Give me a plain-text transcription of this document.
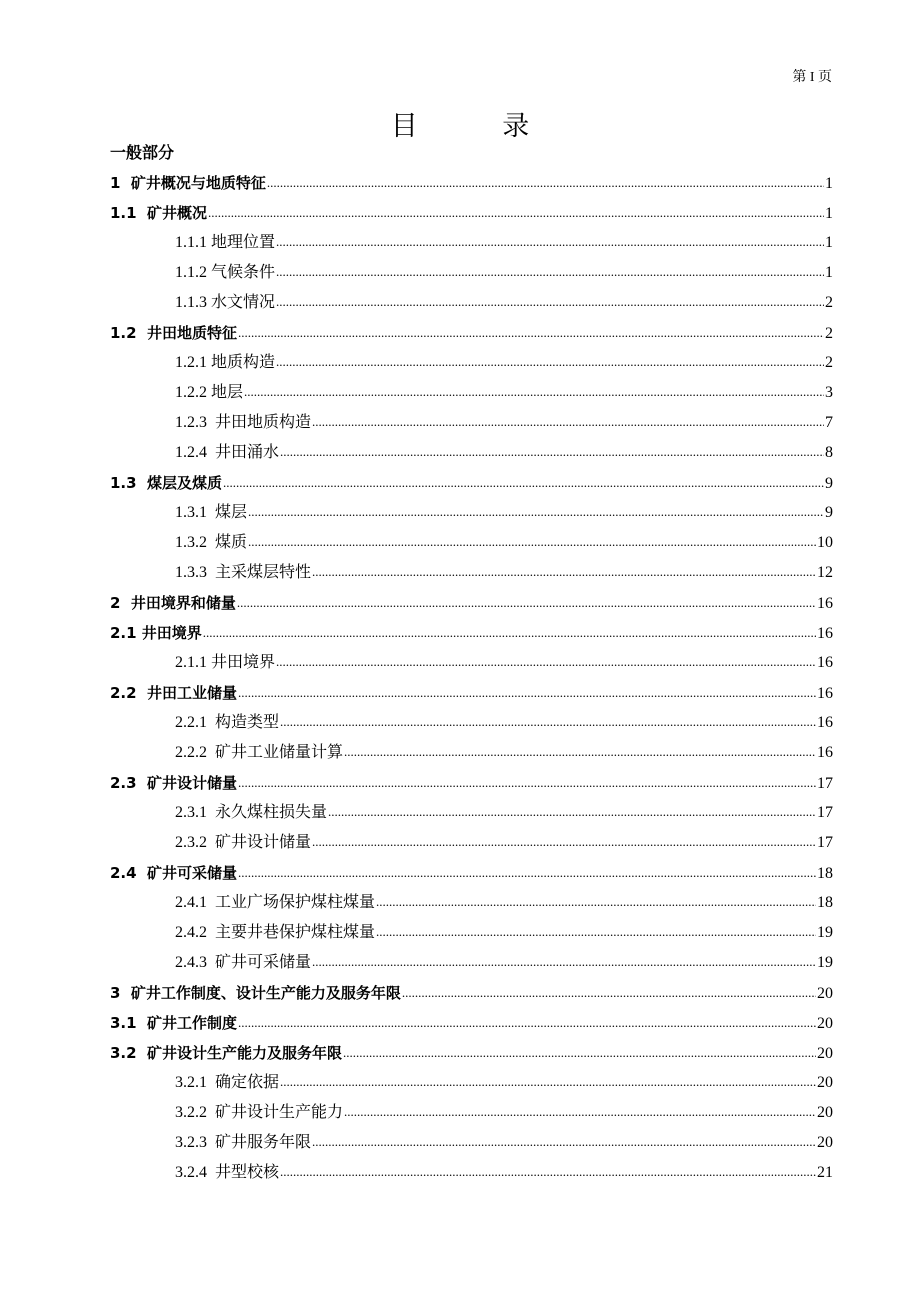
第 I 页
目 录
一般部分
1  矿井概况与地质特征 .....	1
1.1  矿井概况 .....	1
1.1.1 地理位置 .....	1
1.1.2 气候条件 .....	1
1.1.3 水文情况 .....	2
1.2  井田地质特征 .....	2
1.2.1 地质构造 .....	2
1.2.2 地层 .....	3
1.2.3  井田地质构造 .....	7
1.2.4  井田涌水 .....	8
1.3  煤层及煤质 .....	9
1.3.1  煤层 .....	9
1.3.2  煤质 .....	10
1.3.3  主采煤层特性 .....	12
2  井田境界和储量 .....	16
2.1 井田境界 .....	16
2.1.1 井田境界 .....	16
2.2  井田工业储量 .....	16
2.2.1  构造类型 .....	16
2.2.2  矿井工业储量计算 .....	16
2.3  矿井设计储量 .....	17
2.3.1  永久煤柱损失量 .....	17
2.3.2  矿井设计储量 .....	17
2.4  矿井可采储量 .....	18
2.4.1  工业广场保护煤柱煤量 .....	18
2.4.2  主要井巷保护煤柱煤量 .....	19
2.4.3  矿井可采储量 .....	19
3  矿井工作制度、设计生产能力及服务年限 .....	20
3.1  矿井工作制度 .....	20
3.2  矿井设计生产能力及服务年限 .....	20
3.2.1  确定依据 .....	20
3.2.2  矿井设计生产能力 .....	20
3.2.3  矿井服务年限 .....	20
3.2.4  井型校核 .....	21
